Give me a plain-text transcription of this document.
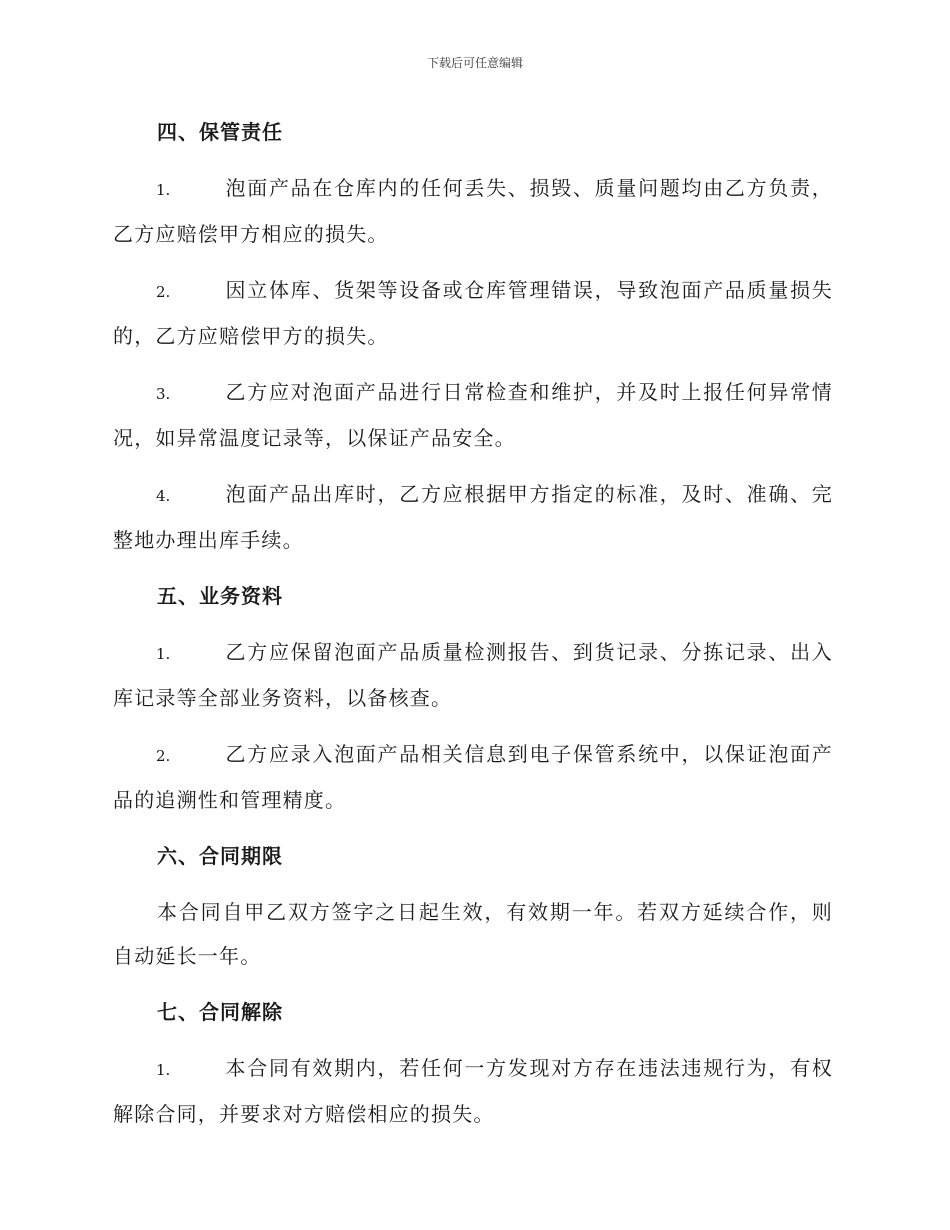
下载后可任意编辑
四、保管责任

1.	泡面产品在仓库内的任何丢失、损毁、质量问题均由乙方负责，乙方应赔偿甲方相应的损失。

2.	因立体库、货架等设备或仓库管理错误，导致泡面产品质量损失的，乙方应赔偿甲方的损失。

3.	乙方应对泡面产品进行日常检查和维护，并及时上报任何异常情况，如异常温度记录等，以保证产品安全。

4.	泡面产品出库时，乙方应根据甲方指定的标准，及时、准确、完整地办理出库手续。

五、业务资料

1.	乙方应保留泡面产品质量检测报告、到货记录、分拣记录、出入库记录等全部业务资料，以备核查。

2.	乙方应录入泡面产品相关信息到电子保管系统中，以保证泡面产品的追溯性和管理精度。

六、合同期限

本合同自甲乙双方签字之日起生效，有效期一年。若双方延续合作，则自动延长一年。

七、合同解除

1.	本合同有效期内，若任何一方发现对方存在违法违规行为，有权解除合同，并要求对方赔偿相应的损失。
